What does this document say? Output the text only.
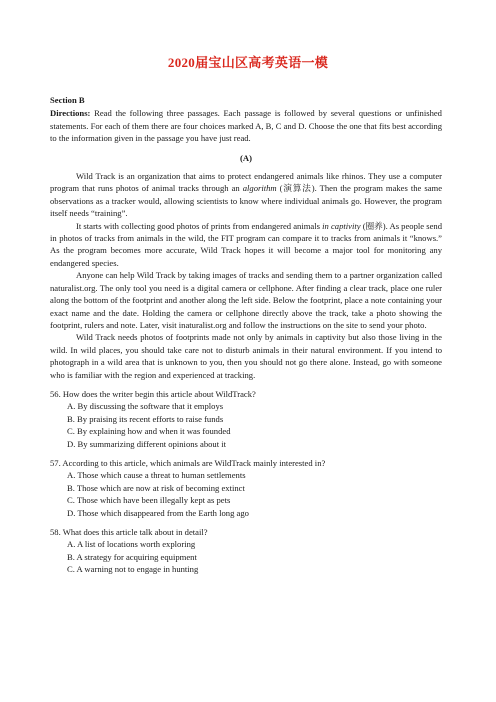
2020届宝山区高考英语一模
Section B

Directions: Read the following three passages. Each passage is followed by several questions or unfinished statements. For each of them there are four choices marked A, B, C and D. Choose the one that fits best according to the information given in the passage you have just read.

(A)

Wild Track is an organization that aims to protect endangered animals like rhinos. They use a computer program that runs photos of animal tracks through an algorithm (演算法). Then the program makes the same observations as a tracker would, allowing scientists to know where individual animals go. However, the program itself needs “training”.

It starts with collecting good photos of prints from endangered animals in captivity (圈养). As people send in photos of tracks from animals in the wild, the FIT program can compare it to tracks from animals it “knows.” As the program becomes more accurate, Wild Track hopes it will become a major tool for monitoring any endangered species.

Anyone can help Wild Track by taking images of tracks and sending them to a partner organization called naturalist.org. The only tool you need is a digital camera or cellphone. After finding a clear track, place one ruler along the bottom of the footprint and another along the left side. Below the footprint, place a note containing your exact name and the date. Holding the camera or cellphone directly above the track, take a photo showing the footprint, rulers and note. Later, visit inaturalist.org and follow the instructions on the site to send your photo.

Wild Track needs photos of footprints made not only by animals in captivity but also those living in the wild. In wild places, you should take care not to disturb animals in their natural environment. If you intend to photograph in a wild area that is unknown to you, then you should not go there alone. Instead, go with someone who is familiar with the region and experienced at tracking.

56. How does the writer begin this article about WildTrack?

A. By discussing the software that it employs
B. By praising its recent efforts to raise funds
C. By explaining how and when it was founded
D. By summarizing different opinions about it

57. According to this article, which animals are WildTrack mainly interested in?

A. Those which cause a threat to human settlements
B. Those which are now at risk of becoming extinct
C. Those which have been illegally kept as pets
D. Those which disappeared from the Earth long ago

58. What does this article talk about in detail?

A. A list of locations worth exploring
B. A strategy for acquiring equipment
C. A warning not to engage in hunting
